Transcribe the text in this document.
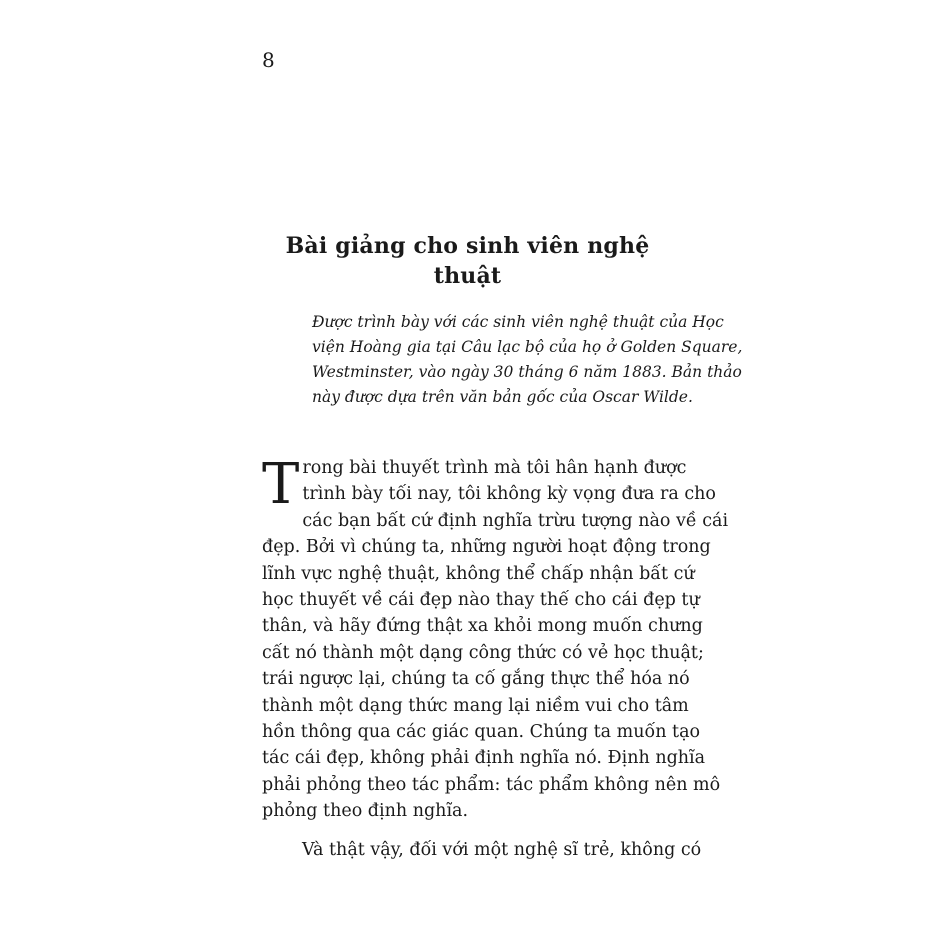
8
Bài giảng cho sinh viên nghệ thuật
Được trình bày với các sinh viên nghệ thuật của Học
viện Hoàng gia tại Câu lạc bộ của họ ở Golden Square,
Westminster, vào ngày 30 tháng 6 năm 1883. Bản thảo
này được dựa trên văn bản gốc của Oscar Wilde.
T rong bài thuyết trình mà tôi hân hạnh được
trình bày tối nay, tôi không kỳ vọng đưa ra cho
các bạn bất cứ định nghĩa trừu tượng nào về cái
đẹp. Bởi vì chúng ta, những người hoạt động trong
lĩnh vực nghệ thuật, không thể chấp nhận bất cứ
học thuyết về cái đẹp nào thay thế cho cái đẹp tự
thân, và hãy đứng thật xa khỏi mong muốn chưng
cất nó thành một dạng công thức có vẻ học thuật;
trái ngược lại, chúng ta cố gắng thực thể hóa nó
thành một dạng thức mang lại niềm vui cho tâm
hồn thông qua các giác quan. Chúng ta muốn tạo
tác cái đẹp, không phải định nghĩa nó. Định nghĩa
phải phỏng theo tác phẩm: tác phẩm không nên mô
phỏng theo định nghĩa.
Và thật vậy, đối với một nghệ sĩ trẻ, không có
